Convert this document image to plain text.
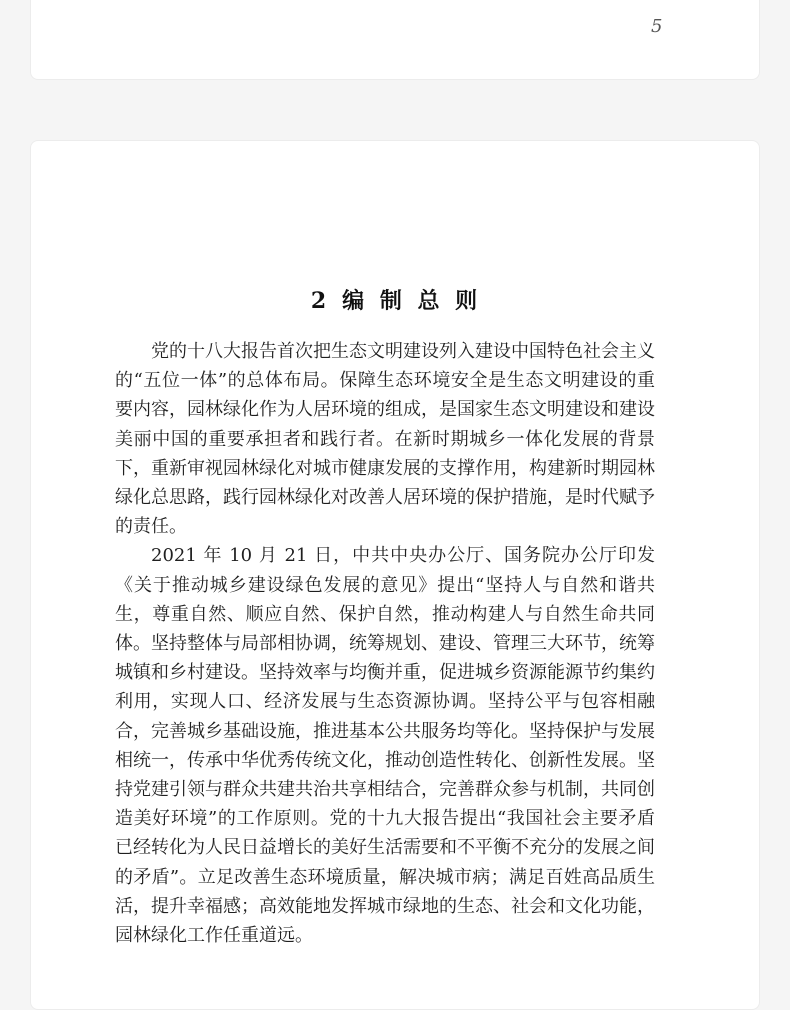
5
2 编 制 总 则

党的十八大报告首次把生态文明建设列入建设中国特色社会主义的“五位一体”的总体布局。保障生态环境安全是生态文明建设的重要内容，园林绿化作为人居环境的组成，是国家生态文明建设和建设美丽中国的重要承担者和践行者。在新时期城乡一体化发展的背景下，重新审视园林绿化对城市健康发展的支撑作用，构建新时期园林绿化总思路，践行园林绿化对改善人居环境的保护措施，是时代赋予的责任。

2021 年 10 月 21 日，中共中央办公厅、国务院办公厅印发《关于推动城乡建设绿色发展的意见》提出“坚持人与自然和谐共生，尊重自然、顺应自然、保护自然，推动构建人与自然生命共同体。坚持整体与局部相协调，统筹规划、建设、管理三大环节，统筹城镇和乡村建设。坚持效率与均衡并重，促进城乡资源能源节约集约利用，实现人口、经济发展与生态资源协调。坚持公平与包容相融合，完善城乡基础设施，推进基本公共服务均等化。坚持保护与发展相统一，传承中华优秀传统文化，推动创造性转化、创新性发展。坚持党建引领与群众共建共治共享相结合，完善群众参与机制，共同创造美好环境”的工作原则。党的十九大报告提出“我国社会主要矛盾已经转化为人民日益增长的美好生活需要和不平衡不充分的发展之间的矛盾”。立足改善生态环境质量，解决城市病；满足百姓高品质生活，提升幸福感；高效能地发挥城市绿地的生态、社会和文化功能，园林绿化工作任重道远。
